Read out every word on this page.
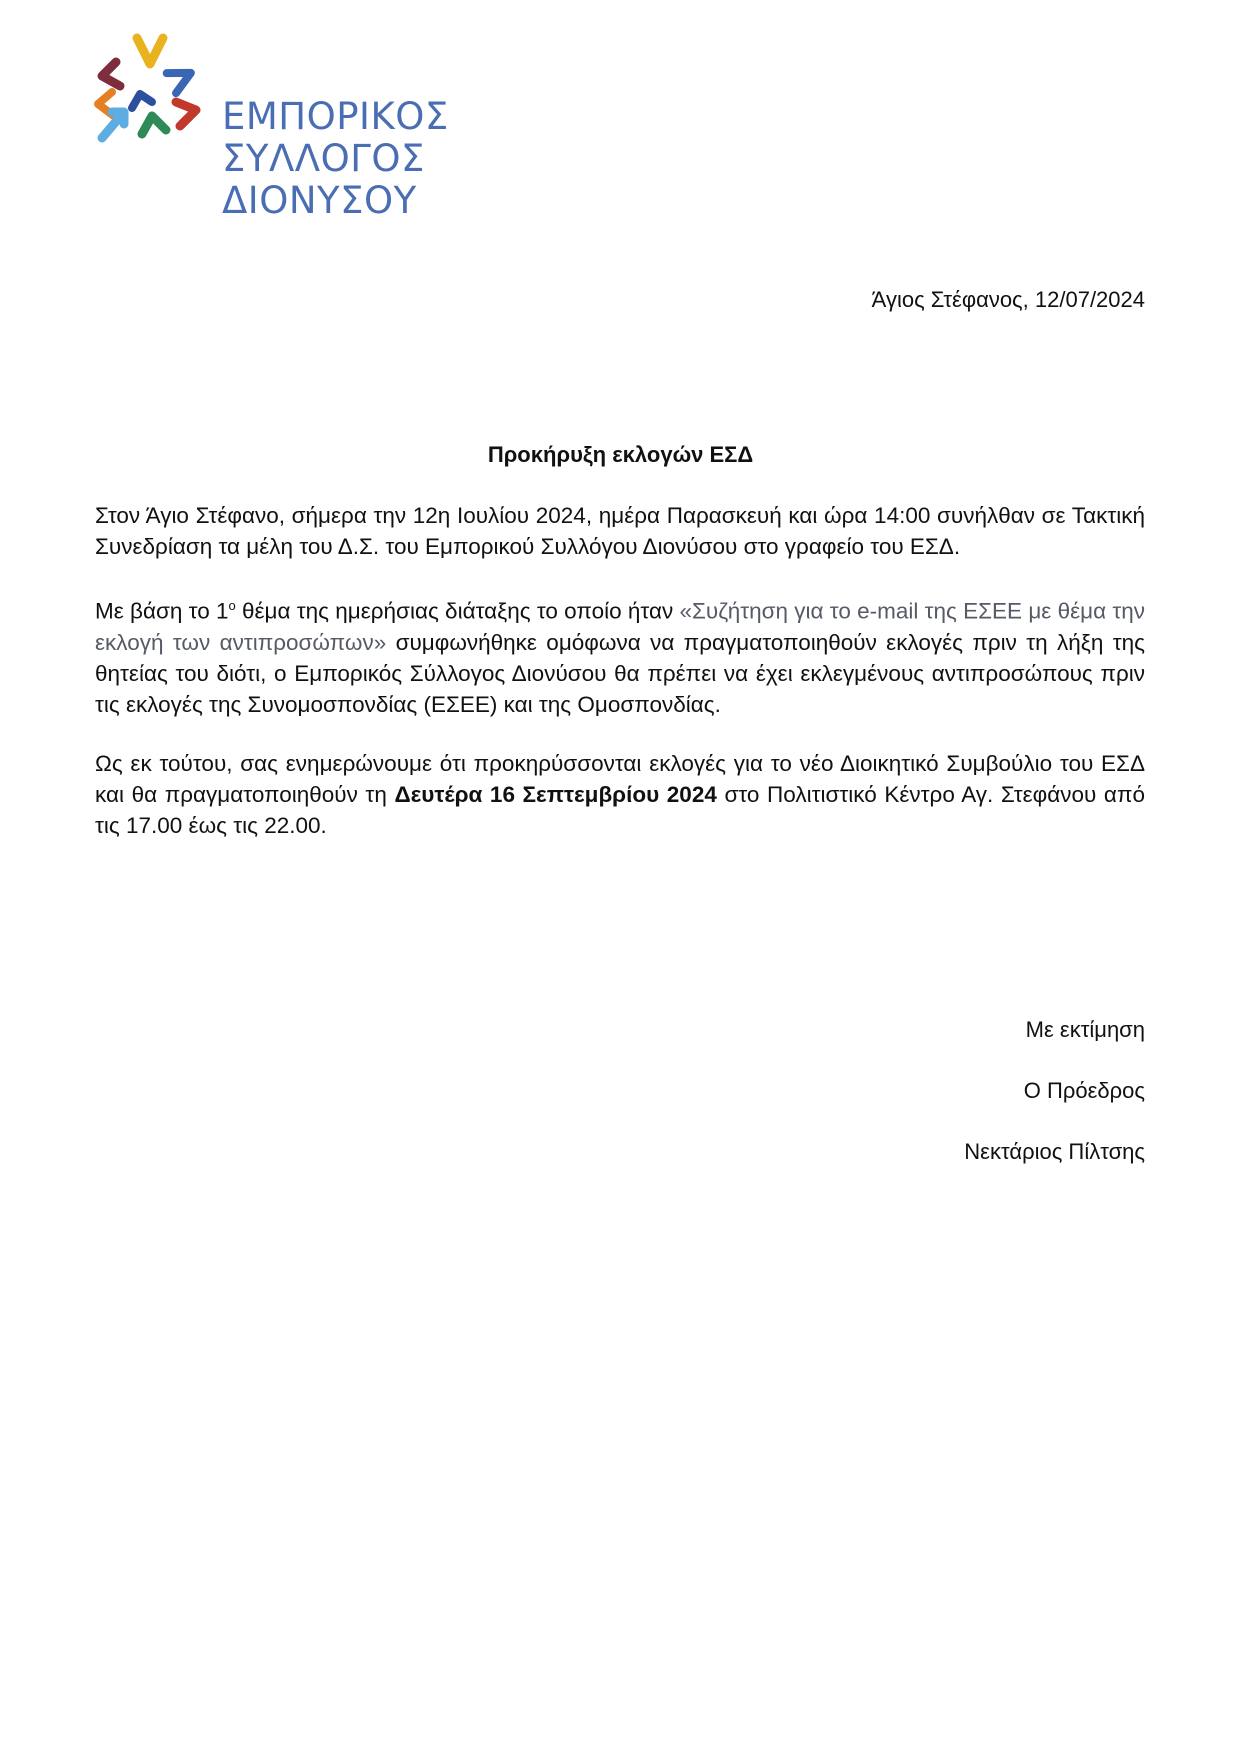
ΕΜΠΟΡΙΚΟΣ
ΣΥΛΛΟΓΟΣ
ΔΙΟΝΥΣΟΥ
Άγιος Στέφανος, 12/07/2024
Προκήρυξη εκλογών ΕΣΔ

Στον Άγιο Στέφανο, σήμερα την 12η Ιουλίου 2024, ημέρα Παρασκευή και ώρα 14:00 συνήλθαν σε Τακτική Συνεδρίαση τα μέλη του Δ.Σ. του Εμπορικού Συλλόγου Διονύσου στο γραφείο του ΕΣΔ.

Με βάση το $1^o$ θέμα της ημερήσιας διάταξης το οποίο ήταν «Συζήτηση για το e-mail της ΕΣΕΕ με θέμα την εκλογή των αντιπροσώπων» συμφωνήθηκε ομόφωνα να πραγματοποιηθούν εκλογές πριν τη λήξη της θητείας του διότι, ο Εμπορικός Σύλλογος Διονύσου θα πρέπει να έχει εκλεγμένους αντιπροσώπους πριν τις εκλογές της Συνομοσπονδίας (ΕΣΕΕ) και της Ομοσπονδίας.

Ως εκ τούτου, σας ενημερώνουμε ότι προκηρύσσονται εκλογές για το νέο Διοικητικό Συμβούλιο του ΕΣΔ και θα πραγματοποιηθούν τη Δευτέρα 16 Σεπτεμβρίου 2024 στο Πολιτιστικό Κέντρο Αγ. Στεφάνου από τις 17.00 έως τις 22.00.

Με εκτίμηση
Ο Πρόεδρος
Νεκτάριος Πίλτσης
